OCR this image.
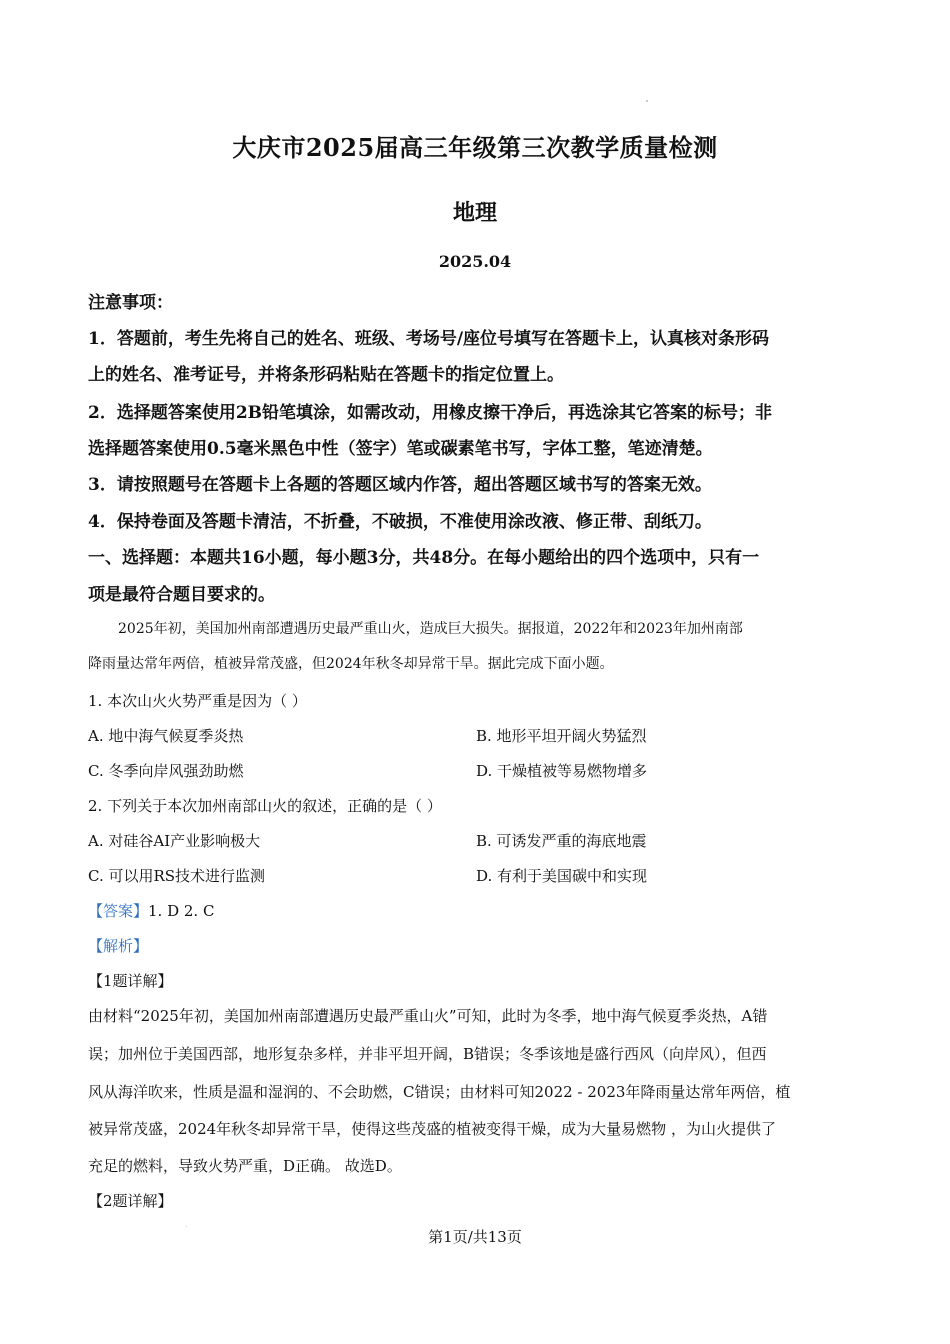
大庆市2025届高三年级第三次教学质量检测
地理
2025.04
注意事项：
1．答题前，考生先将自己的姓名、班级、考场号/座位号填写在答题卡上，认真核对条形码
上的姓名、准考证号，并将条形码粘贴在答题卡的指定位置上。
2．选择题答案使用2B铅笔填涂，如需改动，用橡皮擦干净后，再选涂其它答案的标号；非
选择题答案使用0.5毫米黑色中性（签字）笔或碳素笔书写，字体工整，笔迹清楚。
3．请按照题号在答题卡上各题的答题区域内作答，超出答题区域书写的答案无效。
4．保持卷面及答题卡清洁，不折叠，不破损，不准使用涂改液、修正带、刮纸刀。
一、选择题：本题共16小题，每小题3分，共48分。在每小题给出的四个选项中，只有一
项是最符合题目要求的。
2025年初，美国加州南部遭遇历史最严重山火，造成巨大损失。据报道，2022年和2023年加州南部
降雨量达常年两倍，植被异常茂盛，但2024年秋冬却异常干旱。据此完成下面小题。
1. 本次山火火势严重是因为（ ）
A. 地中海气候夏季炎热	B. 地形平坦开阔火势猛烈
C. 冬季向岸风强劲助燃	D. 干燥植被等易燃物增多
2. 下列关于本次加州南部山火的叙述，正确的是（ ）
A. 对硅谷AI产业影响极大	B. 可诱发严重的海底地震
C. 可以用RS技术进行监测	D. 有利于美国碳中和实现
【答案】1. D 2. C
【解析】
【1题详解】
由材料“2025年初，美国加州南部遭遇历史最严重山火”可知，此时为冬季，地中海气候夏季炎热，A错
误；加州位于美国西部，地形复杂多样，并非平坦开阔，B错误；冬季该地是盛行西风（向岸风），但西
风从海洋吹来，性质是温和湿润的、不会助燃，C错误；由材料可知2022 - 2023年降雨量达常年两倍，植
被异常茂盛，2024年秋冬却异常干旱，使得这些茂盛的植被变得干燥，成为大量易燃物 ，为山火提供了
充足的燃料，导致火势严重，D正确。 故选D。
【2题详解】
第1页/共13页
